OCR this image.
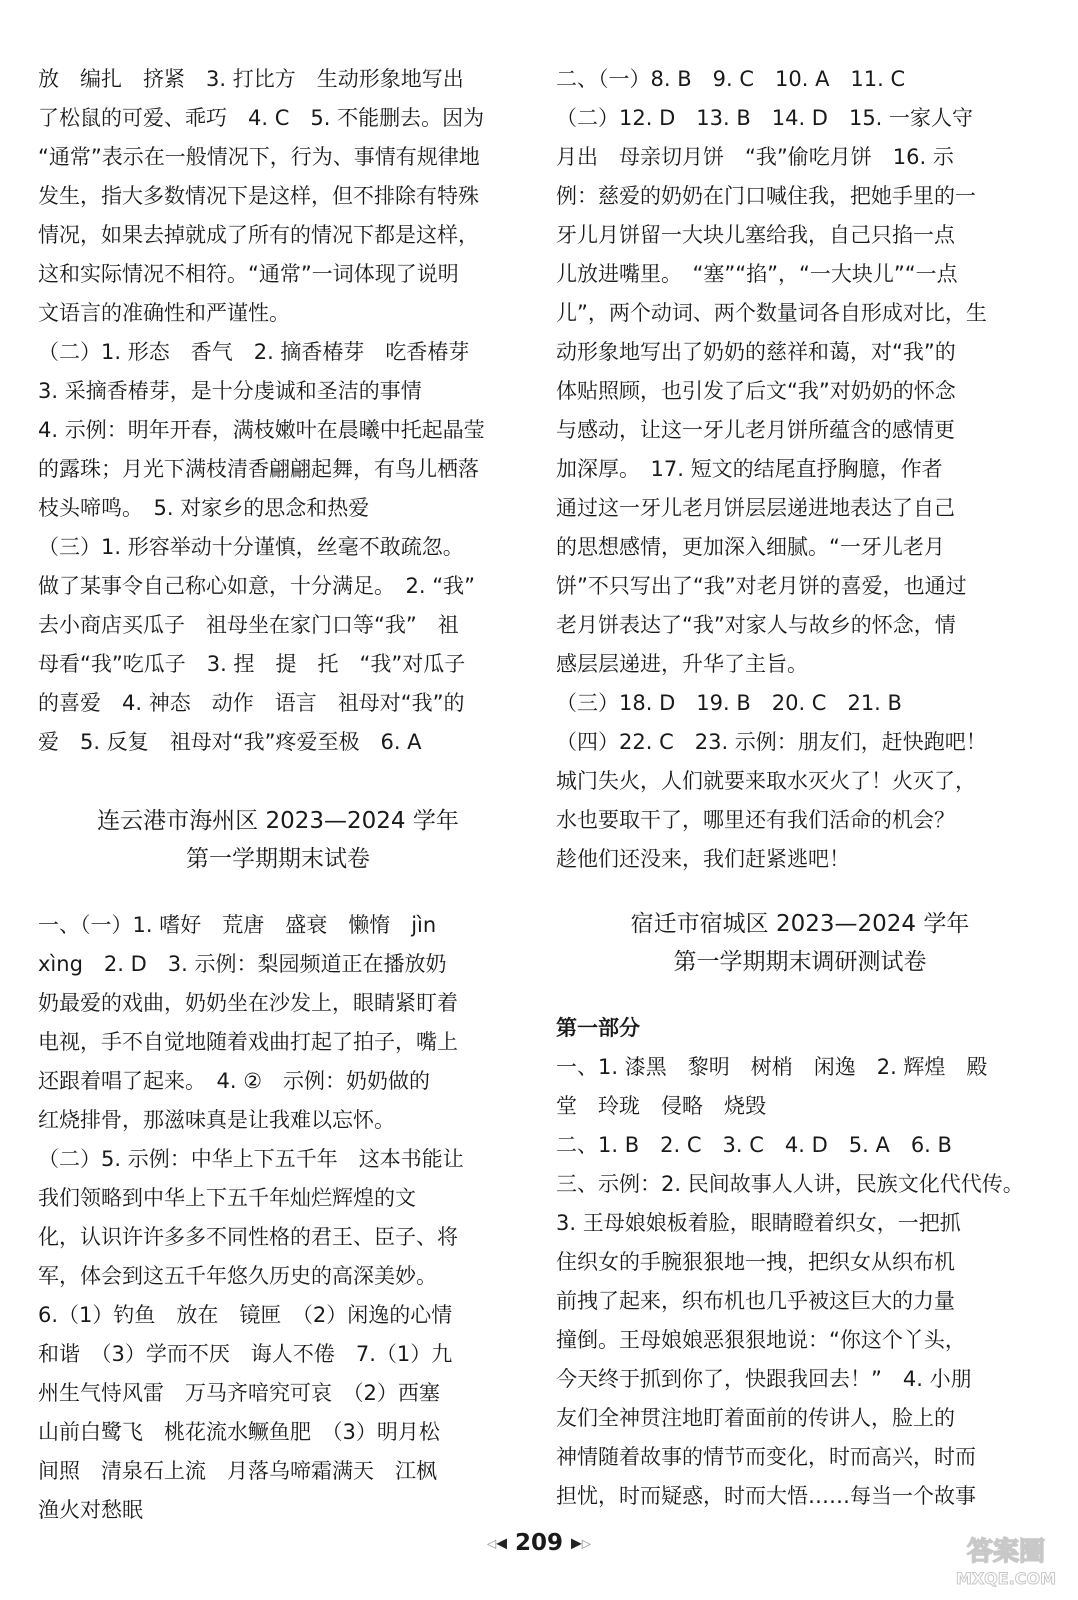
放　编扎　挤紧　3. 打比方　生动形象地写出

了松鼠的可爱、乖巧　4. C　5. 不能删去。因为

“通常”表示在一般情况下，行为、事情有规律地

发生，指大多数情况下是这样，但不排除有特殊

情况，如果去掉就成了所有的情况下都是这样，

这和实际情况不相符。“通常”一词体现了说明

文语言的准确性和严谨性。

（二）1. 形态　香气　2. 摘香椿芽　吃香椿芽

3. 采摘香椿芽，是十分虔诚和圣洁的事情

4. 示例：明年开春，满枝嫩叶在晨曦中托起晶莹

的露珠；月光下满枝清香翩翩起舞，有鸟儿栖落

枝头啼鸣。　5. 对家乡的思念和热爱

（三）1. 形容举动十分谨慎，丝毫不敢疏忽。

做了某事令自己称心如意，十分满足。　2. “我”

去小商店买瓜子　祖母坐在家门口等“我”　祖

母看“我”吃瓜子　3. 捏　提　托　“我”对瓜子

的喜爱　4. 神态　动作　语言　祖母对“我”的

爱　5. 反复　祖母对“我”疼爱至极　6. A

连云港市海州区 2023—2024 学年

第一学期期末试卷

一、（一）1. 嗜好　荒唐　盛衰　懒惰　jìn

xìng　2. D　3. 示例：梨园频道正在播放奶

奶最爱的戏曲，奶奶坐在沙发上，眼睛紧盯着

电视，手不自觉地随着戏曲打起了拍子，嘴上

还跟着唱了起来。　4. ②　示例：奶奶做的

红烧排骨，那滋味真是让我难以忘怀。

（二）5. 示例：中华上下五千年　这本书能让

我们领略到中华上下五千年灿烂辉煌的文

化，认识许许多多不同性格的君王、臣子、将

军，体会到这五千年悠久历史的高深美妙。

6.（1）钓鱼　放在　镜匣　（2）闲逸的心情

和谐　（3）学而不厌　诲人不倦　7.（1）九

州生气恃风雷　万马齐喑究可哀　（2）西塞

山前白鹭飞　桃花流水鳜鱼肥　（3）明月松

间照　清泉石上流　月落乌啼霜满天　江枫

渔火对愁眠

二、（一）8. B　9. C　10. A　11. C

（二）12. D　13. B　14. D　15. 一家人守

月出　母亲切月饼　“我”偷吃月饼　16. 示

例：慈爱的奶奶在门口喊住我，把她手里的一

牙儿月饼留一大块儿塞给我，自己只掐一点

儿放进嘴里。　“塞”“掐”，“一大块儿”“一点

儿”，两个动词、两个数量词各自形成对比，生

动形象地写出了奶奶的慈祥和蔼，对“我”的

体贴照顾，也引发了后文“我”对奶奶的怀念

与感动，让这一牙儿老月饼所蕴含的感情更

加深厚。　17. 短文的结尾直抒胸臆，作者

通过这一牙儿老月饼层层递进地表达了自己

的思想感情，更加深入细腻。“一牙儿老月

饼”不只写出了“我”对老月饼的喜爱，也通过

老月饼表达了“我”对家人与故乡的怀念，情

感层层递进，升华了主旨。

（三）18. D　19. B　20. C　21. B

（四）22. C　23. 示例：朋友们，赶快跑吧！

城门失火，人们就要来取水灭火了！火灭了，

水也要取干了，哪里还有我们活命的机会？

趁他们还没来，我们赶紧逃吧！

宿迁市宿城区 2023—2024 学年

第一学期期末调研测试卷

第一部分

一、1. 漆黑　黎明　树梢　闲逸　2. 辉煌　殿

堂　玲珑　侵略　烧毁

二、1. B　2. C　3. C　4. D　5. A　6. B

三、示例：2. 民间故事人人讲，民族文化代代传。

3. 王母娘娘板着脸，眼睛瞪着织女，一把抓

住织女的手腕狠狠地一拽，把织女从织布机

前拽了起来，织布机也几乎被这巨大的力量

撞倒。王母娘娘恶狠狠地说：“你这个丫头，

今天终于抓到你了，快跟我回去！”　4. 小朋

友们全神贯注地盯着面前的传讲人，脸上的

神情随着故事的情节而变化，时而高兴，时而

担忧，时而疑惑，时而大悟……每当一个故事

◁◀ 209 ▶▷	答案圈
MXQE.COM
